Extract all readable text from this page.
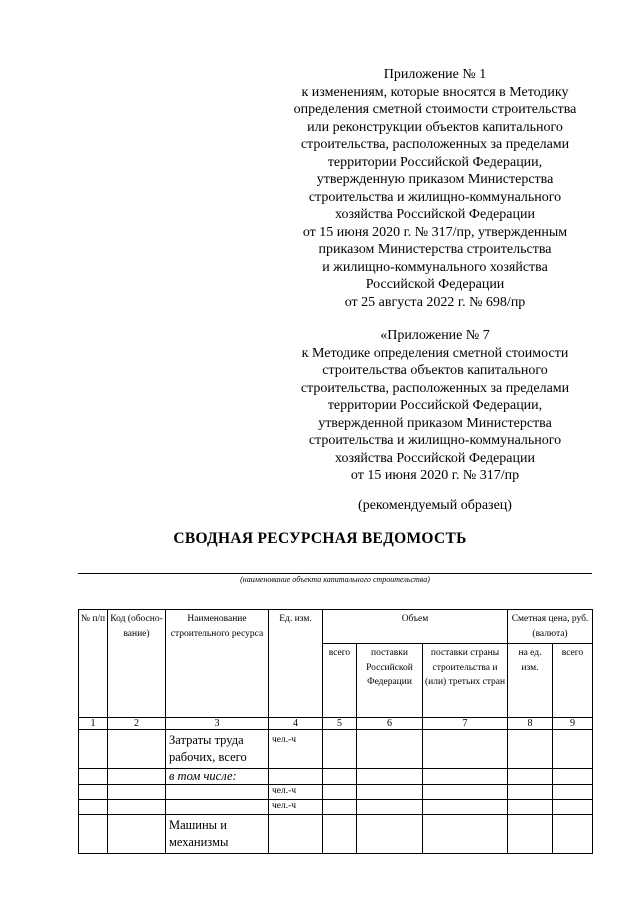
Приложение № 1
к изменениям, которые вносятся в Методику
определения сметной стоимости строительства
или реконструкции объектов капитального
строительства, расположенных за пределами
территории Российской Федерации,
утвержденную приказом Министерства
строительства и жилищно-коммунального
хозяйства Российской Федерации
от 15 июня 2020 г. № 317/пр, утвержденным
приказом Министерства строительства
и жилищно-коммунального хозяйства
Российской Федерации
от 25 августа 2022 г. № 698/пр
«Приложение № 7
к Методике определения сметной стоимости
строительства объектов капитального
строительства, расположенных за пределами
территории Российской Федерации,
утвержденной приказом Министерства
строительства и жилищно-коммунального
хозяйства Российской Федерации
от 15 июня 2020 г. № 317/пр
(рекомендуемый образец)
СВОДНАЯ РЕСУРСНАЯ ВЕДОМОСТЬ
(наименование объекта капитального строительства)
№ п/п	Код (обосно-вание)	Наименование строительного ресурса	Ед. изм.	Объем			Сметная цена, руб. (валюта)	
				всего	поставки Российской Федерации	поставки страны строительства и (или) третьих стран	на ед. изм.	всего
1	2	3	4	5	6	7	8	9
		Затраты труда рабочих, всего	чел.-ч					
		в том числе:						
			чел.-ч					
			чел.-ч					
		Машины и механизмы						
